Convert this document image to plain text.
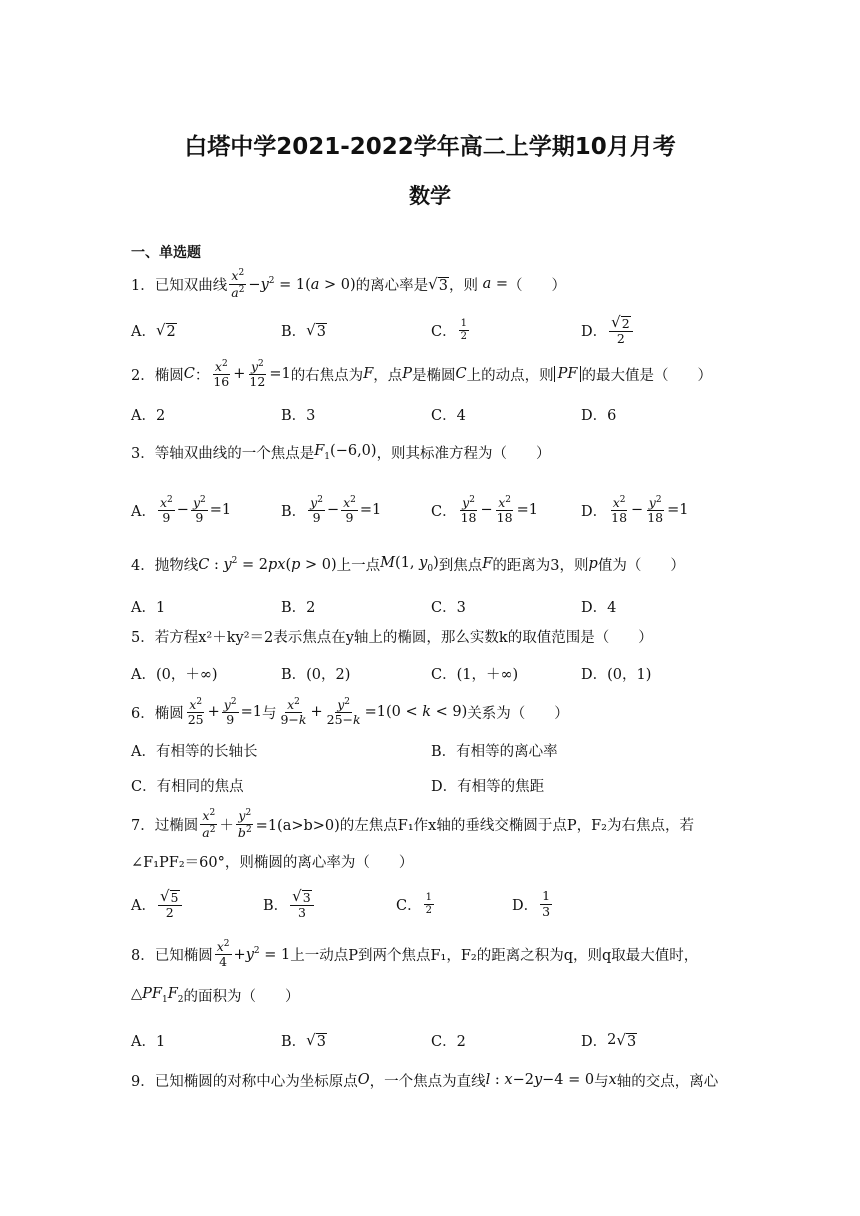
白塔中学2021-2022学年高二上学期10月月考
数学
一、单选题
1． 已知双曲线 $\frac{x^2}{a^2} -y^2 = 1(a > 0)$ 的离心率是 √ 3 ，则 a = （　　）
A． √ 2	B． √ 3	C． $\frac{1}{2}$	D． $\frac{√ 2}{2}$
2． 椭圆 C ： $\frac{x^2}{16} + \frac{y^2}{12} =1$ 的右焦点为 F ，点 P 是椭圆 C 上的动点，则 PF 的最大值是（　　）
A．2	B．3	C．4	D．6
3． 等轴双曲线的一个焦点是 $F_1(-6,0)$ ，则其标准方程为（　　）
A． $\frac{x^2}{9} - \frac{y^2}{9} =1$	B． $\frac{y^2}{9} - \frac{x^2}{9} =1$	C． $\frac{y^2}{18} - \frac{x^2}{18} =1$	D． $\frac{x^2}{18} - \frac{y^2}{18} =1$
4． 抛物线 C : $y^2 = 2px(p > 0)$ 上一点 M(1, $y_0$) 到焦点 F 的距离为3，则 p 值为（　　）
A．1	B．2	C．3	D．4
5． 若方程x²＋ky²＝2表示焦点在y轴上的椭圆，那么实数k的取值范围是（　　）
A．(0，＋∞)	B．(0，2)	C．(1，＋∞)	D．(0，1)
6． 椭圆 $\frac{x^2}{25} + \frac{y^2}{9} =1$ 与 $\frac{x^2}{9-k} + \frac{y^2}{25-k} =1(0 < k < 9)$ 关系为（　　）
A．有相等的长轴长	B．有相等的离心率
C．有相同的焦点	D．有相等的焦距
7． 过椭圆 $\frac{x^2}{a^2} + \frac{y^2}{b^2} =1(a>b>0)$的左焦点F₁作x轴的垂线交椭圆于点P，F₂为右焦点，若
∠F₁PF₂＝60°，则椭圆的离心率为（　　）
A． $\frac{√ 5}{2}$	B． $\frac{√ 3}{3}$	C． $\frac{1}{2}$	D． $\frac{1}{3}$
8． 已知椭圆 $\frac{x^2}{4} +y^2 = 1$ 上一动点P到两个焦点F₁，F₂的距离之积为q，则q取最大值时，
$\triangle PF_1F_2$ 的面积为（　　）
A．1	B． √ 3	C．2	D． 2 √ 3
9． 已知椭圆的对称中心为坐标原点 O ，一个焦点为直线 l : x−2y−4 = 0 与 x 轴的交点，离心
